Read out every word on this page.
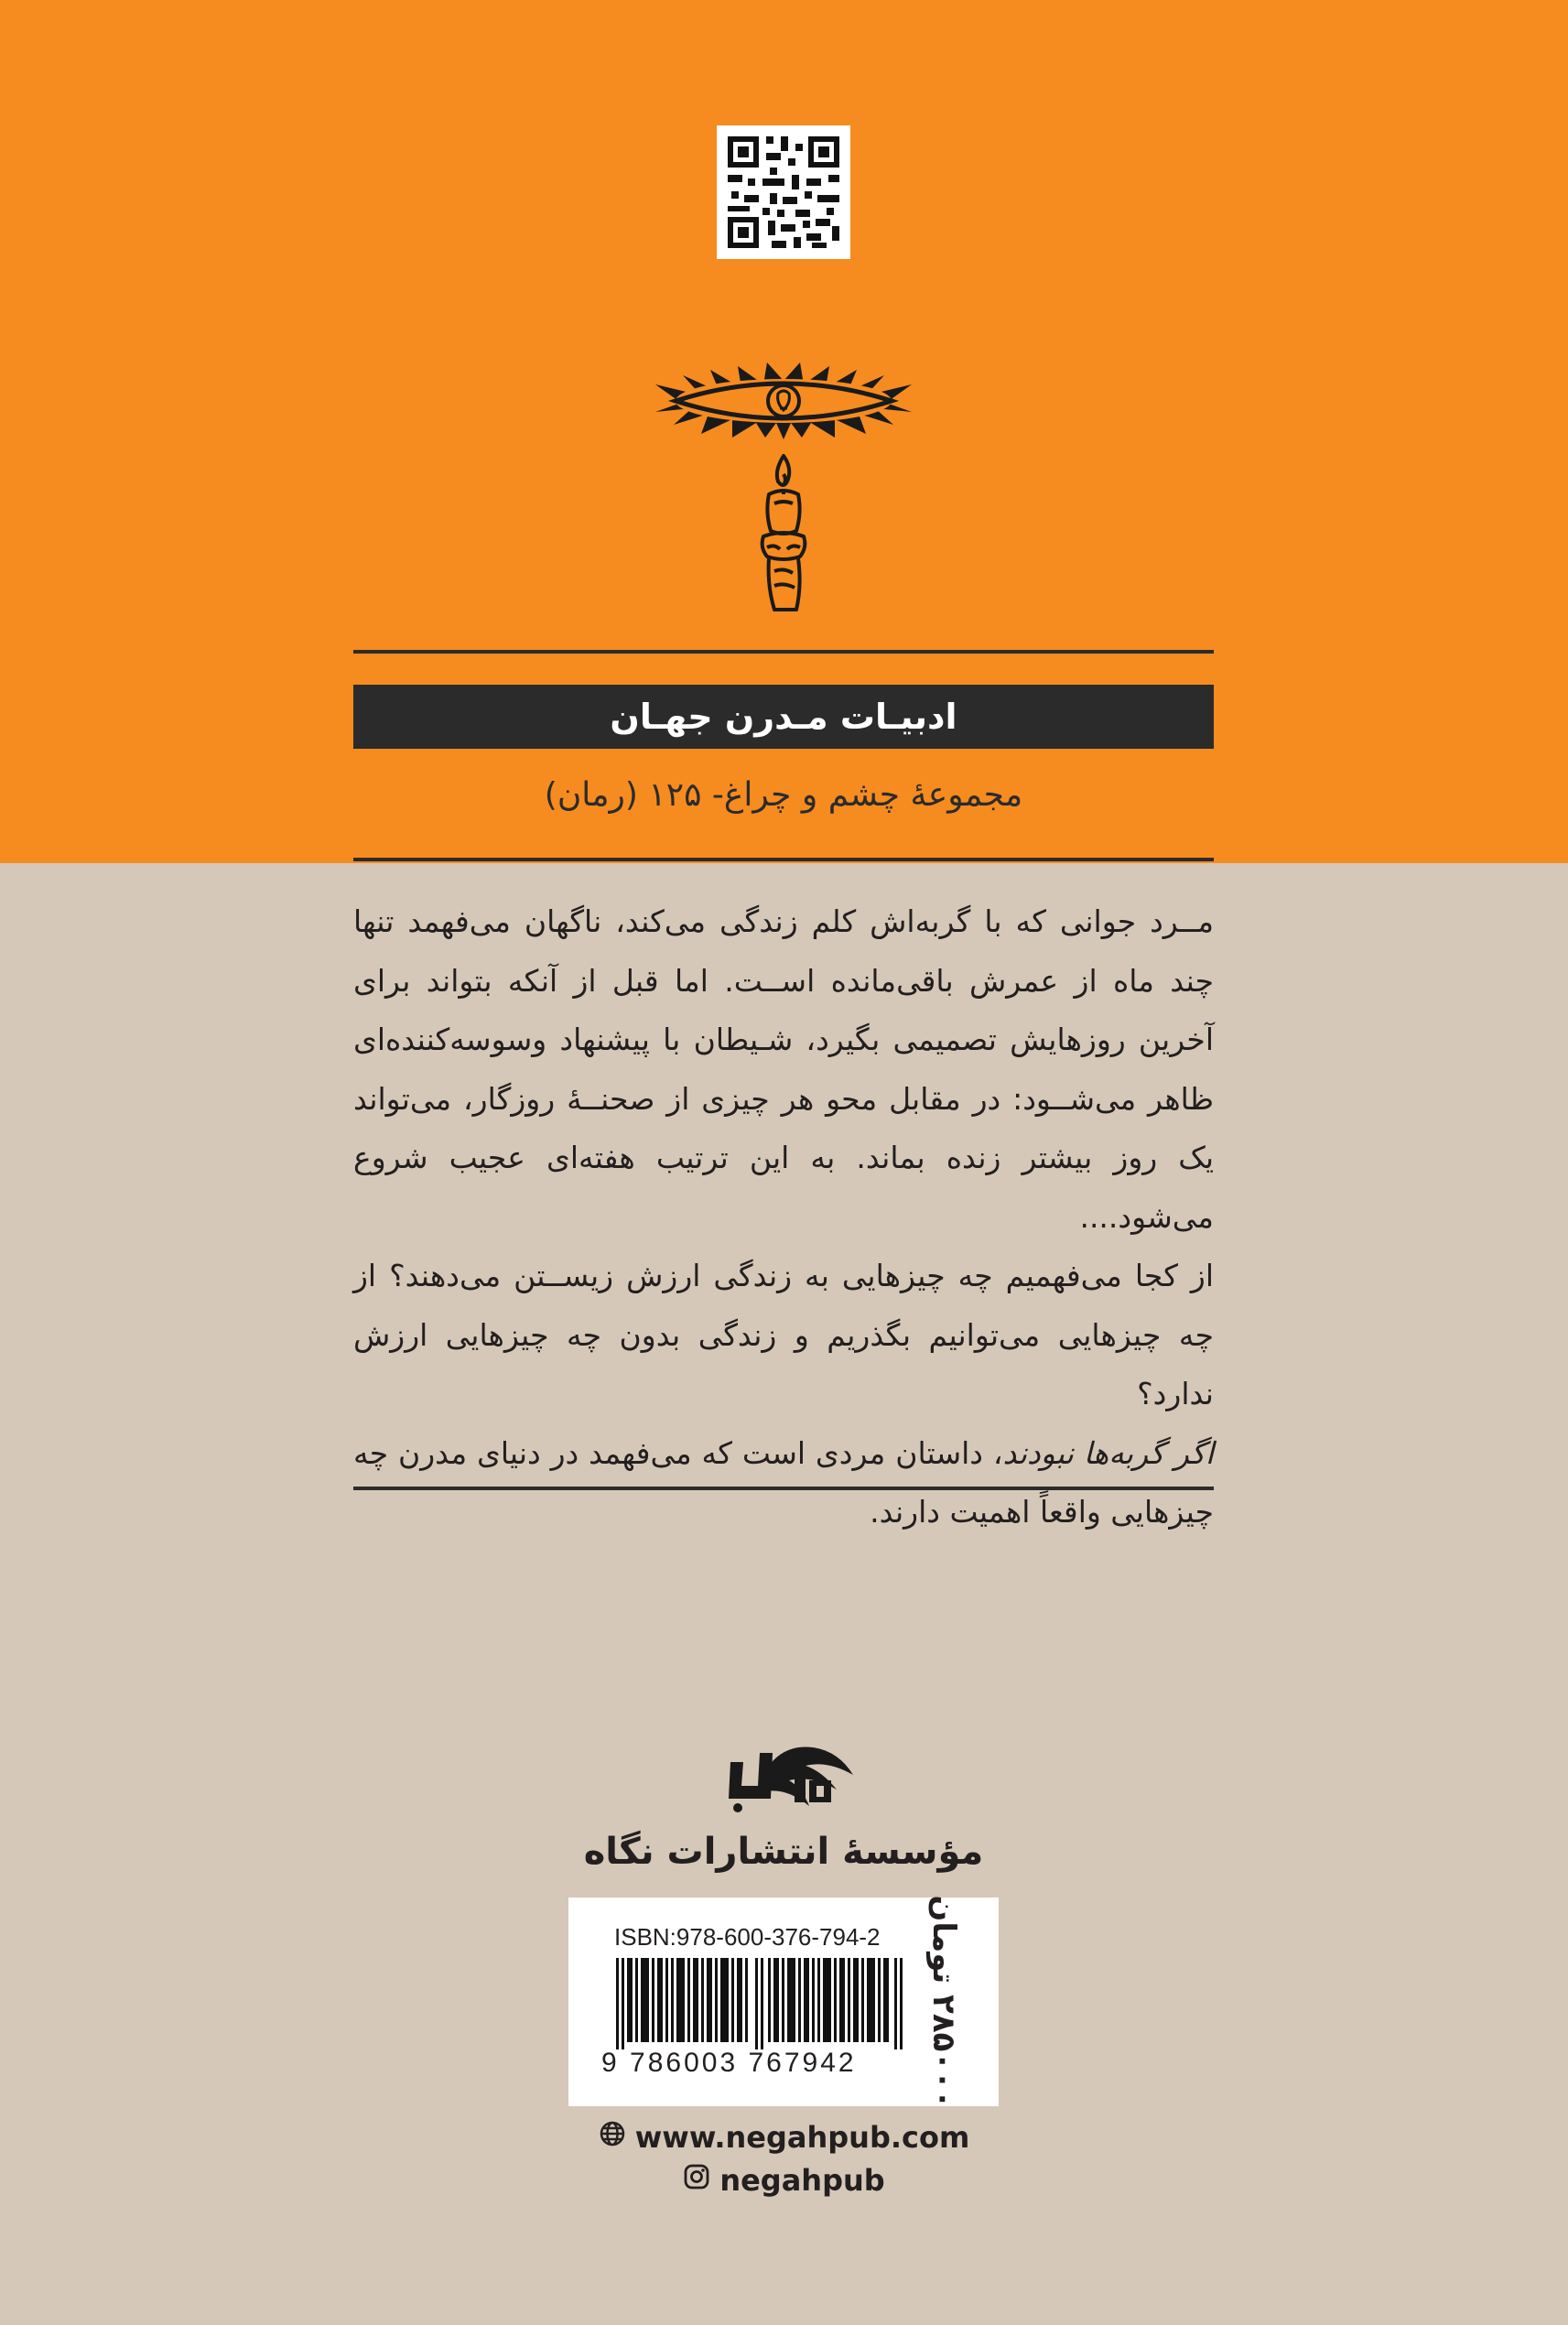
ادبیـات مـدرن جهـان
مجموعهٔ چشم و چراغ- ۱۲۵ (رمان)

مــرد جوانی که با گربه‌اش کلم زندگی می‌کند، ناگهان می‌فهمد تنها چند ماه از عمرش باقی‌مانده اســت. اما قبل از آنکه بتواند برای آخرین روزهایش تصمیمی بگیرد، شـیطان با پیشنهاد وسوسه‌کننده‌ای ظاهر می‌شــود: در مقابل محو هر چیزی از صحنــهٔ روزگار، می‌تواند یک روز بیشتر زنده بماند. به این ترتیب هفته‌ای عجیب شروع می‌شود....

از کجا می‌فهمیم چه چیزهایی به زندگی ارزش زیســتن می‌دهند؟ از چه چیزهایی می‌توانیم بگذریم و زندگی بدون چه چیزهایی ارزش ندارد؟

اگر گربه‌ها نبودند، داستان مردی است که می‌فهمد در دنیای مدرن چه چیزهایی واقعاً اهمیت دارند.

مؤسسهٔ انتشارات نگاه
ISBN:978-600-376-794-2
9 786003 767942
۲۸۵۰۰۰ تومان
www.negahpub.com
negahpub
